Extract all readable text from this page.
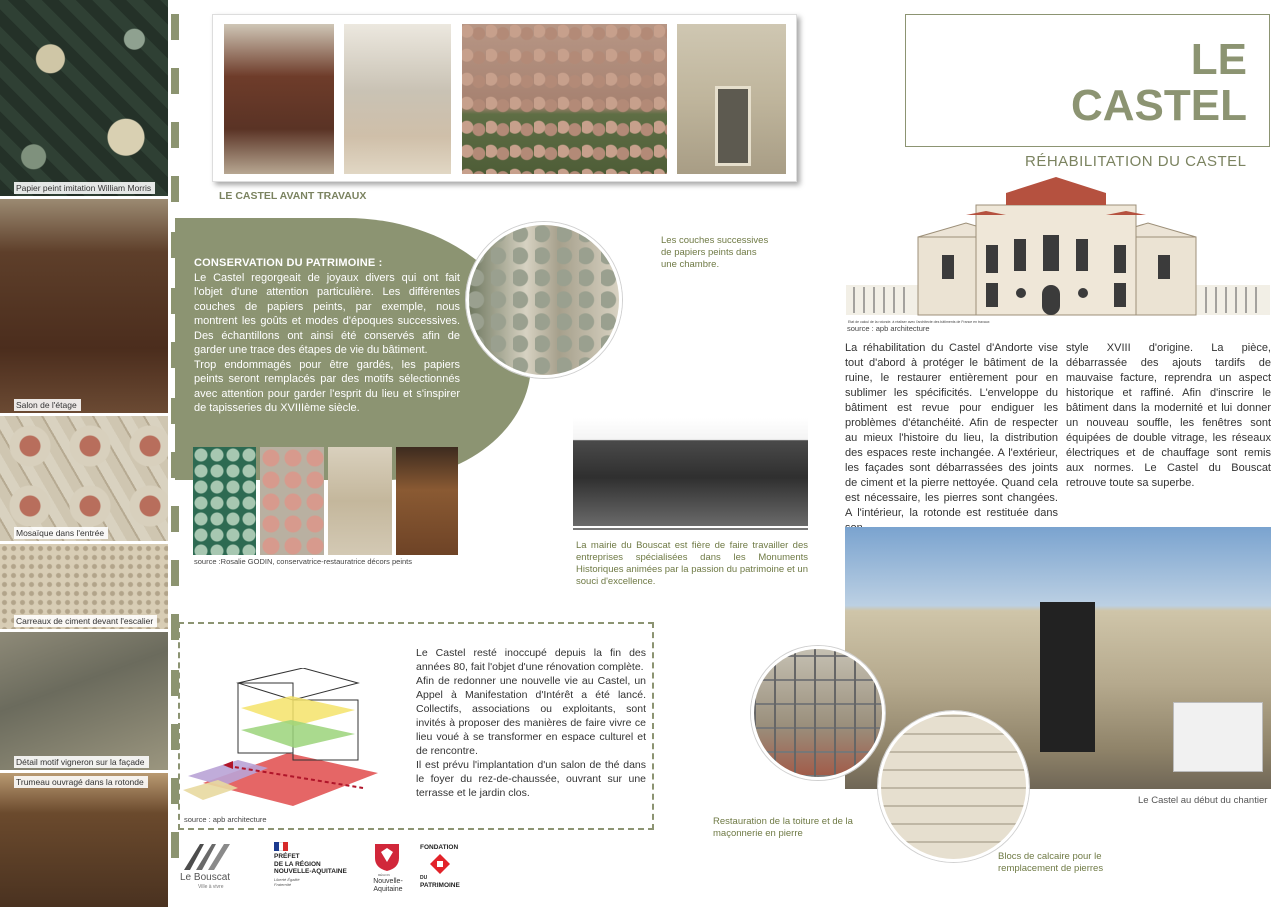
Papier peint imitation William Morris
Salon de l'étage
Mosaïque dans l'entrée
Carreaux de ciment devant l'escalier
Détail motif vigneron sur la façade
Trumeau ouvragé dans la rotonde
LE CASTEL AVANT TRAVAUX
CONSERVATION DU PATRIMOINE :

Le Castel regorgeait de joyaux divers qui ont fait l'objet d'une attention particulière. Les différentes couches de papiers peints, par exemple, nous montrent les goûts et modes d'époques successives. Des échantillons ont ainsi été conservés afin de garder une trace des étapes de vie du bâtiment.

Trop endommagés pour être gardés, les papiers peints seront remplacés par des motifs sélectionnés avec attention pour garder l'esprit du lieu et s'inspirer de tapisseries du XVIIIème siècle.

Les couches successives de papiers peints dans une chambre.
source :Rosalie GODIN, conservatrice-restauratrice décors peints
La mairie du Bouscat est fière de faire travailler des entreprises spécialisées dans les Monuments Historiques animées par la passion du patrimoine et un souci d'excellence.

Le Castel resté inoccupé depuis la fin des années 80, fait l'objet d'une rénovation complète.

Afin de redonner une nouvelle vie au Castel, un Appel à Manifestation d'Intérêt a été lancé. Collectifs, associations ou exploitants, sont invités à proposer des manières de faire vivre ce lieu voué à se transformer en espace culturel et de rencontre.

Il est prévu l'implantation d'un salon de thé dans le foyer du rez-de-chaussée, ouvrant sur une terrasse et le jardin clos.

source : apb architecture
LE
CASTEL
RÉHABILITATION DU CASTEL
Etat de calcul de la rotonde, à réaliser avec l'architecte des bâtiments de France en travaux
source : apb architecture
La réhabilitation du Castel d'Andorte vise tout d'abord à protéger le bâtiment de la ruine, le restaurer entièrement pour en sublimer les spécificités. L'enveloppe du bâtiment est revue pour endiguer les problèmes d'étanchéité. Afin de respecter au mieux l'histoire du lieu, la distribution des espaces reste inchangée. A l'extérieur, les façades sont débarrassées des joints de ciment et la pierre nettoyée. Quand cela est nécessaire, les pierres sont changées. A l'intérieur, la rotonde est restituée dans
style XVIII d'origine. La pièce, débarrassée des ajouts tardifs de mauvaise facture, reprendra un aspect historique et raffiné. Afin d'inscrire le bâtiment dans la modernité et lui donner un nouveau souffle, les fenêtres sont équipées de double vitrage, les réseaux électriques et de chauffage sont remis aux normes. Le Castel du Bouscat retrouve toute sa superbe.
Le Castel au début du chantier
Restauration de la toiture et de la maçonnerie en pierre
Blocs de calcaire pour le remplacement de pierres
Le Bouscat
Ville à vivre
PRÉFET
DE LA RÉGION
NOUVELLE-AQUITAINE
Liberté Égalité Fraternité
RÉGION
Nouvelle-Aquitaine
FONDATION
DU
PATRIMOINE
